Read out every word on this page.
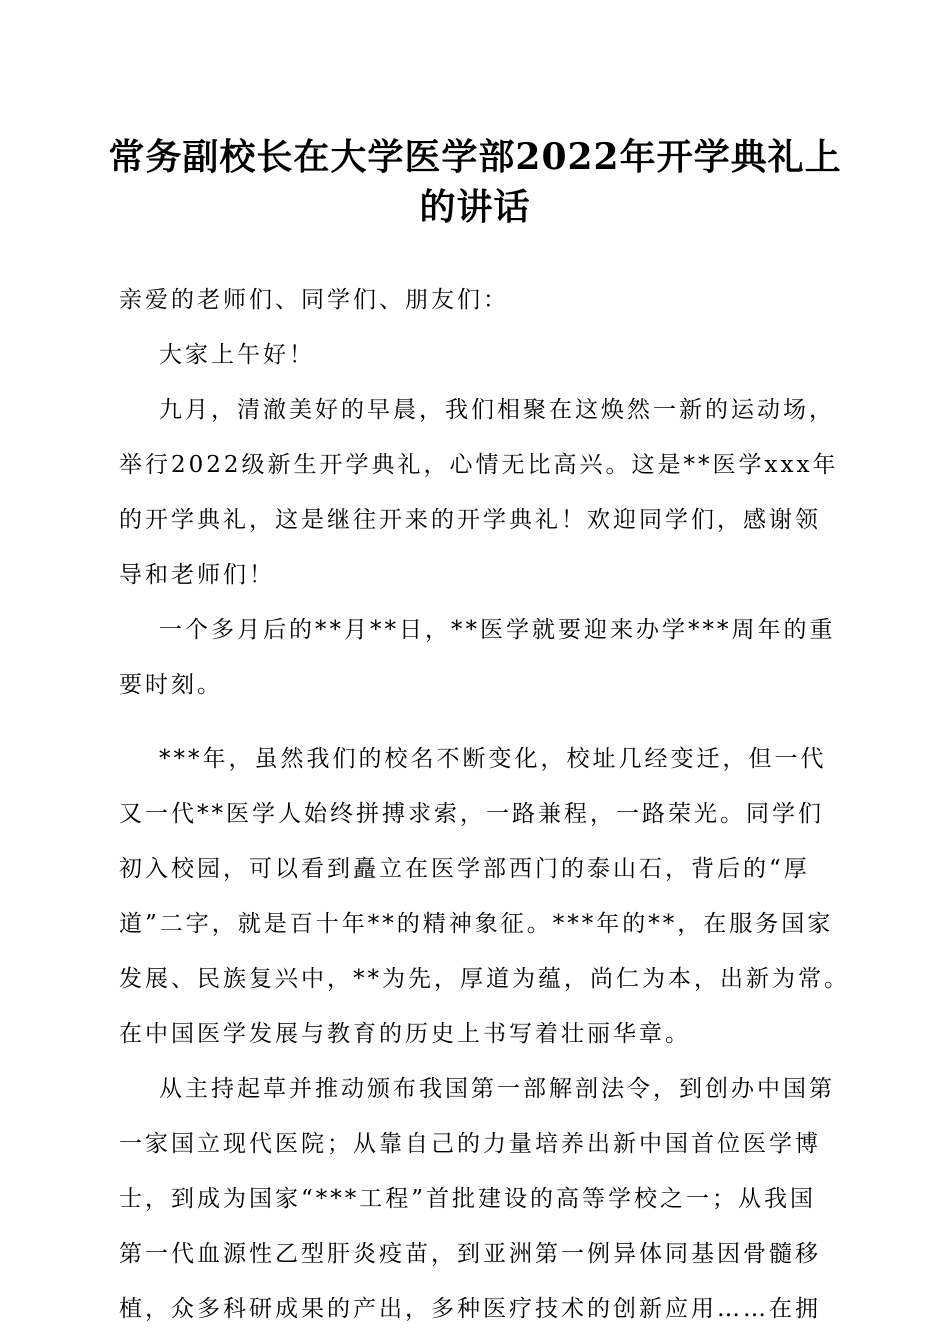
常务副校长在大学医学部2022年开学典礼上
的讲话

亲爱的老师们、同学们、朋友们：

大家上午好！

九月，清澈美好的早晨，我们相聚在这焕然一新的运动场，

举行2022级新生开学典礼，心情无比高兴。这是**医学xxx年

的开学典礼，这是继往开来的开学典礼！欢迎同学们，感谢领

导和老师们！

一个多月后的**月**日，**医学就要迎来办学***周年的重

要时刻。

***年，虽然我们的校名不断变化，校址几经变迁，但一代

又一代**医学人始终拼搏求索，一路兼程，一路荣光。同学们

初入校园，可以看到矗立在医学部西门的泰山石，背后的“厚

道”二字，就是百十年**的精神象征。***年的**，在服务国家

发展、民族复兴中，**为先，厚道为蕴，尚仁为本，出新为常。

在中国医学发展与教育的历史上书写着壮丽华章。

从主持起草并推动颁布我国第一部解剖法令，到创办中国第

一家国立现代医院；从靠自己的力量培养出新中国首位医学博

士，到成为国家“***工程”首批建设的高等学校之一；从我国

第一代血源性乙型肝炎疫苗，到亚洲第一例异体同基因骨髓移

植，众多科研成果的产出，多种医疗技术的创新应用……在拥
